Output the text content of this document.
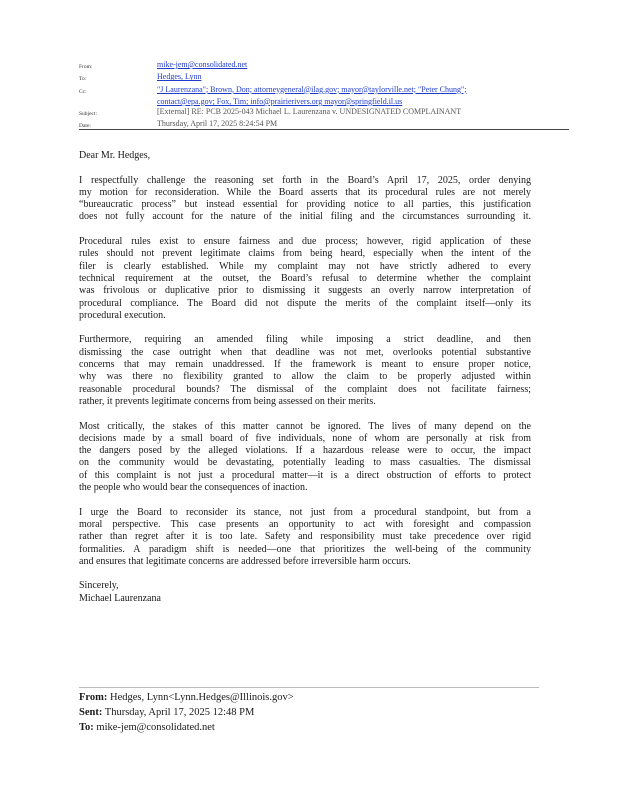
From:	mike-jem@consolidated.net
To:	Hedges, Lynn
Cc:	"J Laurenzana"; Brown, Don; attorneygeneral@ilag.gov; mayor@taylorville.net; "Peter Chung";
contact@epa.gov; Fox, Tim; info@prairierivers.org mayor@springfield.il.us
Subject:	[External] RE: PCB 2025-043 Michael L. Laurenzana v. UNDESIGNATED COMPLAINANT
Date:	Thursday, April 17, 2025 8:24:54 PM

Dear Mr. Hedges,

I respectfully challenge the reasoning set forth in the Board’s April 17, 2025, order denying

my motion for reconsideration. While the Board asserts that its procedural rules are not merely

“bureaucratic process” but instead essential for providing notice to all parties, this justification

does not fully account for the nature of the initial filing and the circumstances surrounding it.

Procedural rules exist to ensure fairness and due process; however, rigid application of these

rules should not prevent legitimate claims from being heard, especially when the intent of the

filer is clearly established. While my complaint may not have strictly adhered to every

technical requirement at the outset, the Board’s refusal to determine whether the complaint

was frivolous or duplicative prior to dismissing it suggests an overly narrow interpretation of

procedural compliance. The Board did not dispute the merits of the complaint itself—only its

procedural execution.

Furthermore, requiring an amended filing while imposing a strict deadline, and then

dismissing the case outright when that deadline was not met, overlooks potential substantive

concerns that may remain unaddressed. If the framework is meant to ensure proper notice,

why was there no flexibility granted to allow the claim to be properly adjusted within

reasonable procedural bounds? The dismissal of the complaint does not facilitate fairness;

rather, it prevents legitimate concerns from being assessed on their merits.

Most critically, the stakes of this matter cannot be ignored. The lives of many depend on the

decisions made by a small board of five individuals, none of whom are personally at risk from

the dangers posed by the alleged violations. If a hazardous release were to occur, the impact

on the community would be devastating, potentially leading to mass casualties. The dismissal

of this complaint is not just a procedural matter—it is a direct obstruction of efforts to protect

the people who would bear the consequences of inaction.

I urge the Board to reconsider its stance, not just from a procedural standpoint, but from a

moral perspective. This case presents an opportunity to act with foresight and compassion

rather than regret after it is too late. Safety and responsibility must take precedence over rigid

formalities. A paradigm shift is needed—one that prioritizes the well-being of the community

and ensures that legitimate concerns are addressed before irreversible harm occurs.

Sincerely,

Michael Laurenzana

From: Hedges, Lynn<Lynn.Hedges@Illinois.gov>
Sent: Thursday, April 17, 2025 12:48 PM
To: mike-jem@consolidated.net
